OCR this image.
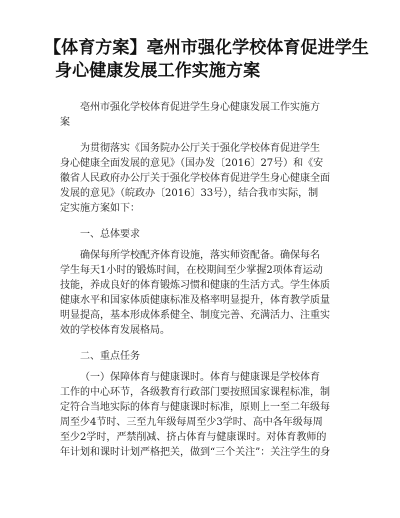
【体育方案】亳州市强化学校体育促进学生
身心健康发展工作实施方案
亳州市强化学校体育促进学生身心健康发展工作实施方
案
为贯彻落实《国务院办公厅关于强化学校体育促进学生
身心健康全面发展的意见》（国办发〔2016〕27号）和《安
徽省人民政府办公厅关于强化学校体育促进学生身心健康全面
发展的意见》（皖政办〔2016〕33号），结合我市实际，制
定实施方案如下：
一、总体要求
确保每所学校配齐体育设施，落实师资配备。确保每名
学生每天1小时的锻炼时间，在校期间至少掌握2项体育运动
技能，养成良好的体育锻炼习惯和健康的生活方式。学生体质
健康水平和国家体质健康标准及格率明显提升，体育教学质量
明显提高，基本形成体系健全、制度完善、充满活力、注重实
效的学校体育发展格局。
二、重点任务
（一）保障体育与健康课时。体育与健康课是学校体育
工作的中心环节，各级教育行政部门要按照国家课程标准，制
定符合当地实际的体育与健康课时标准，原则上一至二年级每
周至少4节时、三至九年级每周至少3学时、高中各年级每周
至少2学时，严禁削减、挤占体育与健康课时。对体育教师的
年计划和课时计划严格把关，做到“三个关注”：关注学生的身
